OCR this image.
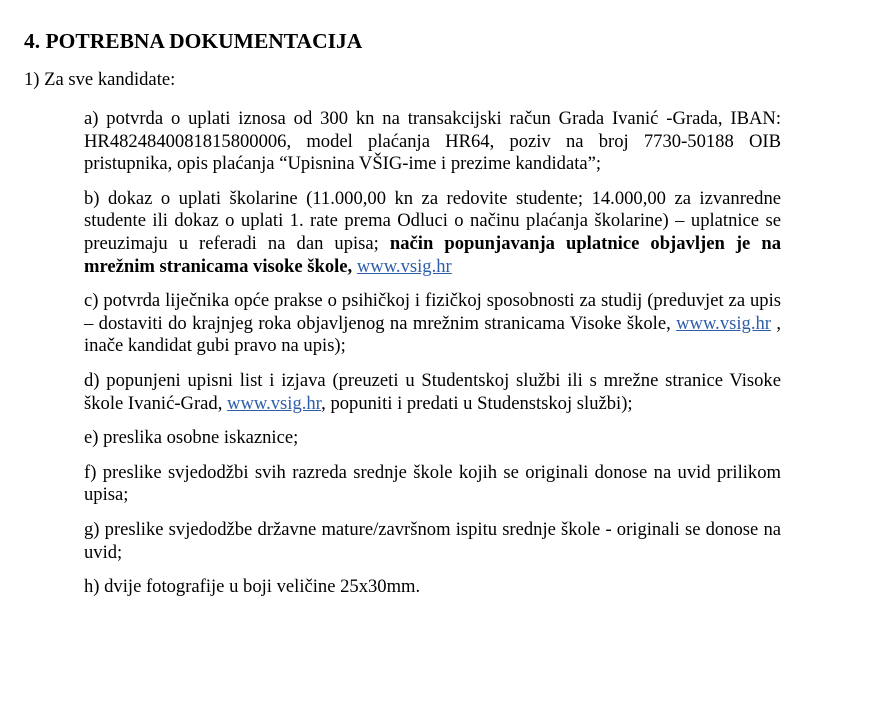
4. POTREBNA DOKUMENTACIJA

1) Za sve kandidate:

a) potvrda o uplati iznosa od 300 kn na transakcijski račun Grada Ivanić -Grada, IBAN: HR4824840081815800006, model plaćanja HR64, poziv na broj 7730-50188 OIB pristupnika, opis plaćanja “Upisnina VŠIG-ime i prezime kandidata”;

b) dokaz o uplati školarine (11.000,00 kn za redovite studente; 14.000,00 za izvanredne studente ili dokaz o uplati 1. rate prema Odluci o načinu plaćanja školarine) – uplatnice se preuzimaju u referadi na dan upisa; način popunjavanja uplatnice objavljen je na mrežnim stranicama visoke škole, www.vsig.hr

c) potvrda liječnika opće prakse o psihičkoj i fizičkoj sposobnosti za studij (preduvjet za upis – dostaviti do krajnjeg roka objavljenog na mrežnim stranicama Visoke škole, www.vsig.hr , inače kandidat gubi pravo na upis);

d) popunjeni upisni list i izjava (preuzeti u Studentskoj službi ili s mrežne stranice Visoke škole Ivanić-Grad, www.vsig.hr, popuniti i predati u Studenstskoj službi);

e) preslika osobne iskaznice;

f) preslike svjedodžbi svih razreda srednje škole kojih se originali donose na uvid prilikom upisa;

g) preslike svjedodžbe državne mature/završnom ispitu srednje škole - originali se donose na uvid;

h) dvije fotografije u boji veličine 25x30mm.
